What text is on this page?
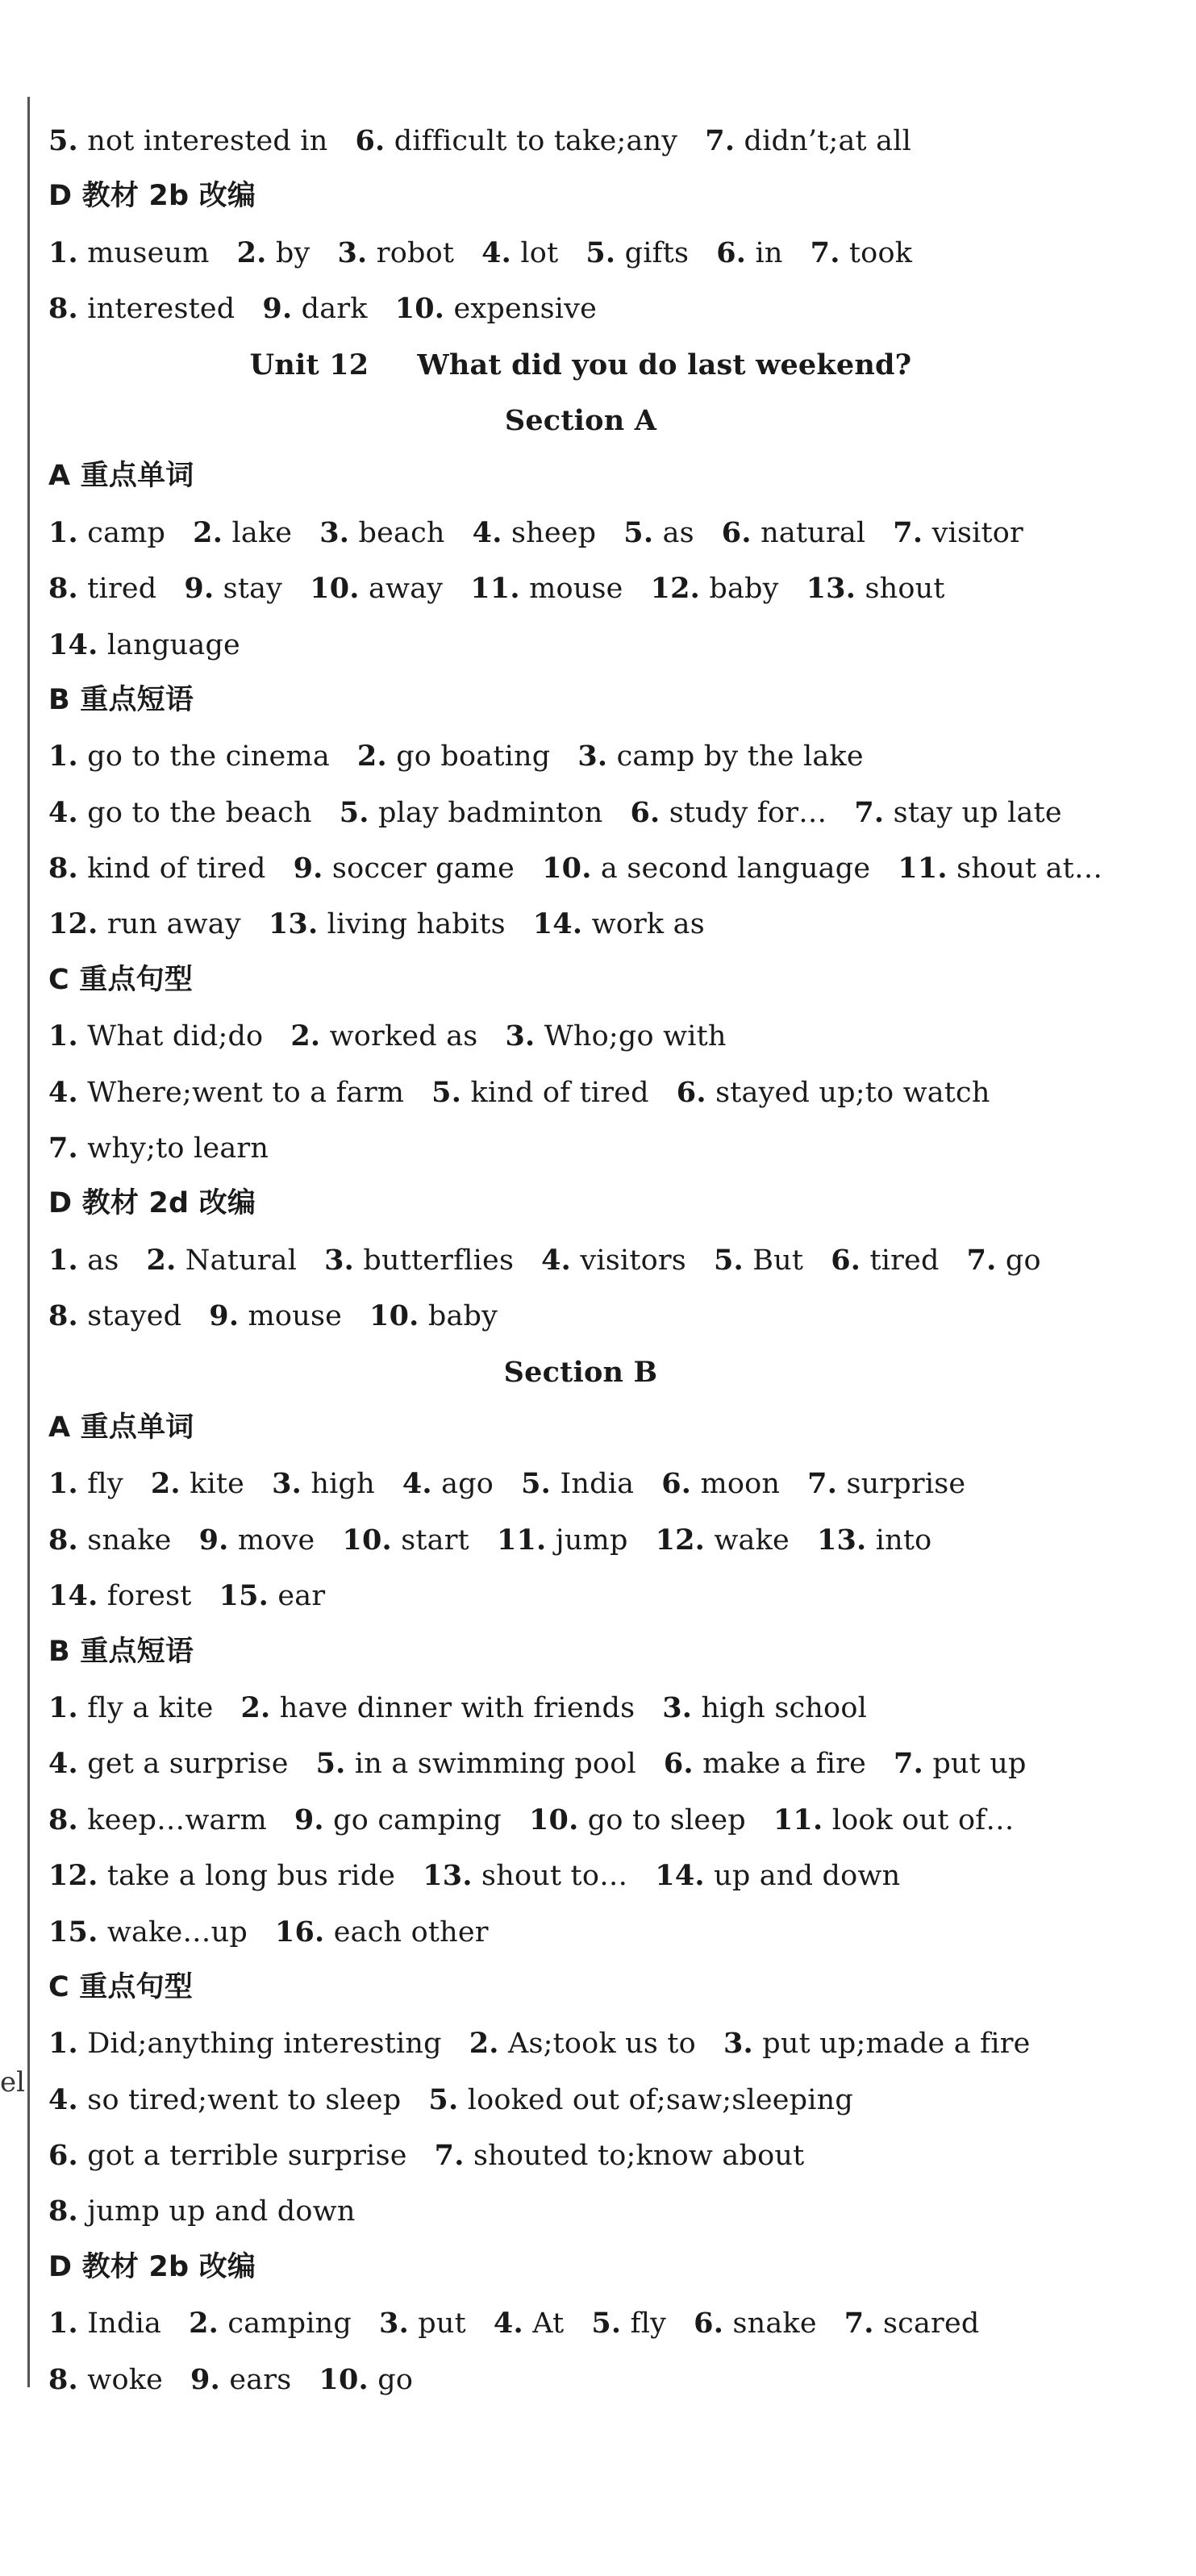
el
5. not interested in 6. difficult to take;any 7. didn’t;at all
D 教材 2b 改编
1. museum 2. by 3. robot 4. lot 5. gifts 6. in 7. took
8. interested 9. dark 10. expensive
Unit 12 What did you do last weekend?
Section A
A 重点单词
1. camp 2. lake 3. beach 4. sheep 5. as 6. natural 7. visitor
8. tired 9. stay 10. away 11. mouse 12. baby 13. shout
14. language
B 重点短语
1. go to the cinema 2. go boating 3. camp by the lake
4. go to the beach 5. play badminton 6. study for… 7. stay up late
8. kind of tired 9. soccer game 10. a second language 11. shout at…
12. run away 13. living habits 14. work as
C 重点句型
1. What did;do 2. worked as 3. Who;go with
4. Where;went to a farm 5. kind of tired 6. stayed up;to watch
7. why;to learn
D 教材 2d 改编
1. as 2. Natural 3. butterflies 4. visitors 5. But 6. tired 7. go
8. stayed 9. mouse 10. baby
Section B
A 重点单词
1. fly 2. kite 3. high 4. ago 5. India 6. moon 7. surprise
8. snake 9. move 10. start 11. jump 12. wake 13. into
14. forest 15. ear
B 重点短语
1. fly a kite 2. have dinner with friends 3. high school
4. get a surprise 5. in a swimming pool 6. make a fire 7. put up
8. keep…warm 9. go camping 10. go to sleep 11. look out of…
12. take a long bus ride 13. shout to… 14. up and down
15. wake…up 16. each other
C 重点句型
1. Did;anything interesting 2. As;took us to 3. put up;made a fire
4. so tired;went to sleep 5. looked out of;saw;sleeping
6. got a terrible surprise 7. shouted to;know about
8. jump up and down
D 教材 2b 改编
1. India 2. camping 3. put 4. At 5. fly 6. snake 7. scared
8. woke 9. ears 10. go
